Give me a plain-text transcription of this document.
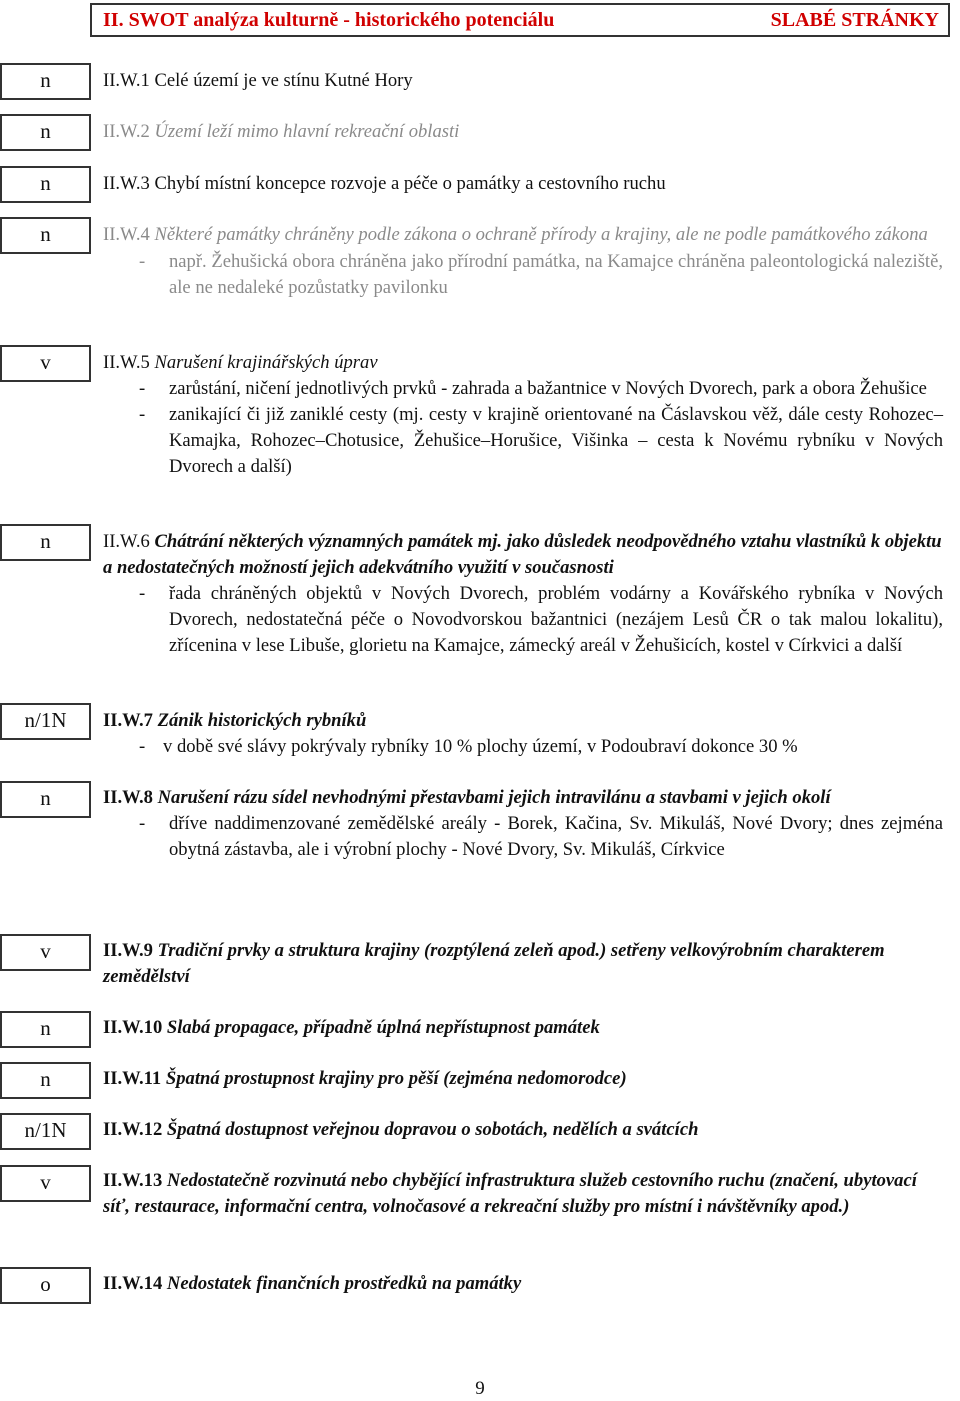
II. SWOT analýza kulturně - historického potenciálu	SLABÉ STRÁNKY
n
n
n
n
v
n
n/1N
n
v
n
n
n/1N
v
o
II.W.1 Celé území je ve stínu Kutné Hory
II.W.2 Území leží mimo hlavní rekreační oblasti
II.W.3 Chybí místní koncepce rozvoje a péče o památky a cestovního ruchu
II.W.4 Některé památky chráněny podle zákona o ochraně přírody a krajiny, ale ne podle památkového zákona
- např. Žehušická obora chráněna jako přírodní památka, na Kamajce chráněna paleontologická naleziště, ale ne nedaleké pozůstatky pavilonku
II.W.5 Narušení krajinářských úprav
- zarůstání, ničení jednotlivých prvků - zahrada a bažantnice v Nových Dvorech, park a obora Žehušice
- zanikající či již zaniklé cesty (mj. cesty v krajině orientované na Čáslavskou věž, dále cesty Rohozec–Kamajka, Rohozec–Chotusice, Žehušice–Horušice, Višinka – cesta k Novému rybníku v Nových Dvorech a další)
II.W.6 Chátrání některých významných památek mj. jako důsledek neodpovědného vztahu vlastníků k objektu a nedostatečných možností jejich adekvátního využití v současnosti
- řada chráněných objektů v Nových Dvorech, problém vodárny a Kovářského rybníka v Nových Dvorech, nedostatečná péče o Novodvorskou bažantnici (nezájem Lesů ČR o tak malou lokalitu), zřícenina v lese Libuše, glorietu na Kamajce, zámecký areál v Žehušicích, kostel v Církvici a další
II.W.7 Zánik historických rybníků
- v době své slávy pokrývaly rybníky 10 % plochy území, v Podoubraví dokonce 30 %
II.W.8 Narušení rázu sídel nevhodnými přestavbami jejich intravilánu a stavbami v jejich okolí
- dříve naddimenzované zemědělské areály - Borek, Kačina, Sv. Mikuláš, Nové Dvory; dnes zejména obytná zástavba, ale i výrobní plochy - Nové Dvory, Sv. Mikuláš, Církvice
II.W.9 Tradiční prvky a struktura krajiny (rozptýlená zeleň apod.) setřeny velkovýrobním charakterem zemědělství
II.W.10 Slabá propagace, případně úplná nepřístupnost památek
II.W.11 Špatná prostupnost krajiny pro pěší (zejména nedomorodce)
II.W.12 Špatná dostupnost veřejnou dopravou o sobotách, nedělích a svátcích
II.W.13 Nedostatečně rozvinutá nebo chybějící infrastruktura služeb cestovního ruchu (značení, ubytovací síť, restaurace, informační centra, volnočasové a rekreační služby pro místní i návštěvníky apod.)
II.W.14 Nedostatek finančních prostředků na památky
9
